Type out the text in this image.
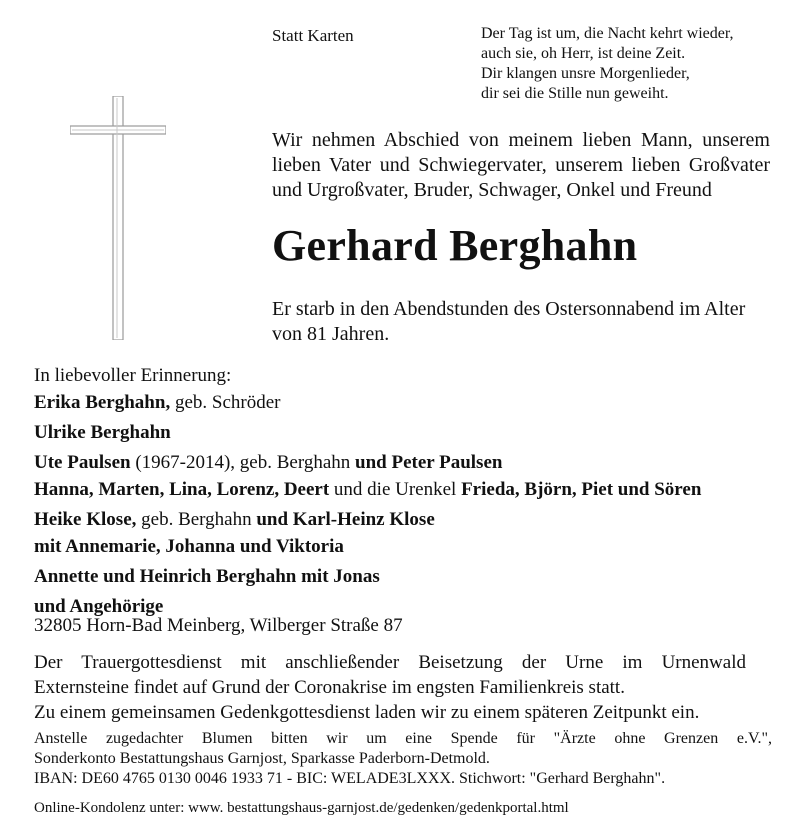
Statt Karten	Der Tag ist um, die Nacht kehrt wieder,
auch sie, oh Herr, ist deine Zeit.
Dir klangen unsre Morgenlieder,
dir sei die Stille nun geweiht.
Wir nehmen Abschied von meinem lieben Mann, unserem
lieben Vater und Schwiegervater, unserem lieben Großvater
und Urgroßvater, Bruder, Schwager, Onkel und Freund
Gerhard Berghahn
Er starb in den Abendstunden des Ostersonnabend im Alter von 81 Jahren.
In liebevoller Erinnerung:
Erika Berghahn, geb. Schröder
Ulrike Berghahn
Ute Paulsen (1967-2014), geb. Berghahn und Peter Paulsen
Hanna, Marten, Lina, Lorenz, Deert und die Urenkel Frieda, Björn, Piet und Sören
Heike Klose, geb. Berghahn und Karl-Heinz Klose
mit Annemarie, Johanna und Viktoria
Annette und Heinrich Berghahn mit Jonas
und Angehörige
32805 Horn-Bad Meinberg, Wilberger Straße 87
Der Trauergottesdienst mit anschließender Beisetzung der Urne im Urnenwald
Externsteine findet auf Grund der Coronakrise im engsten Familienkreis statt.
Zu einem gemeinsamen Gedenkgottesdienst laden wir zu einem späteren Zeitpunkt ein.
Anstelle zugedachter Blumen bitten wir um eine Spende für "Ärzte ohne Grenzen e.V.",
Sonderkonto Bestattungshaus Garnjost, Sparkasse Paderborn-Detmold.
IBAN: DE60 4765 0130 0046 1933 71 - BIC: WELADE3LXXX. Stichwort: "Gerhard Berghahn".
Online-Kondolenz unter: www. bestattungshaus-garnjost.de/gedenken/gedenkportal.html
